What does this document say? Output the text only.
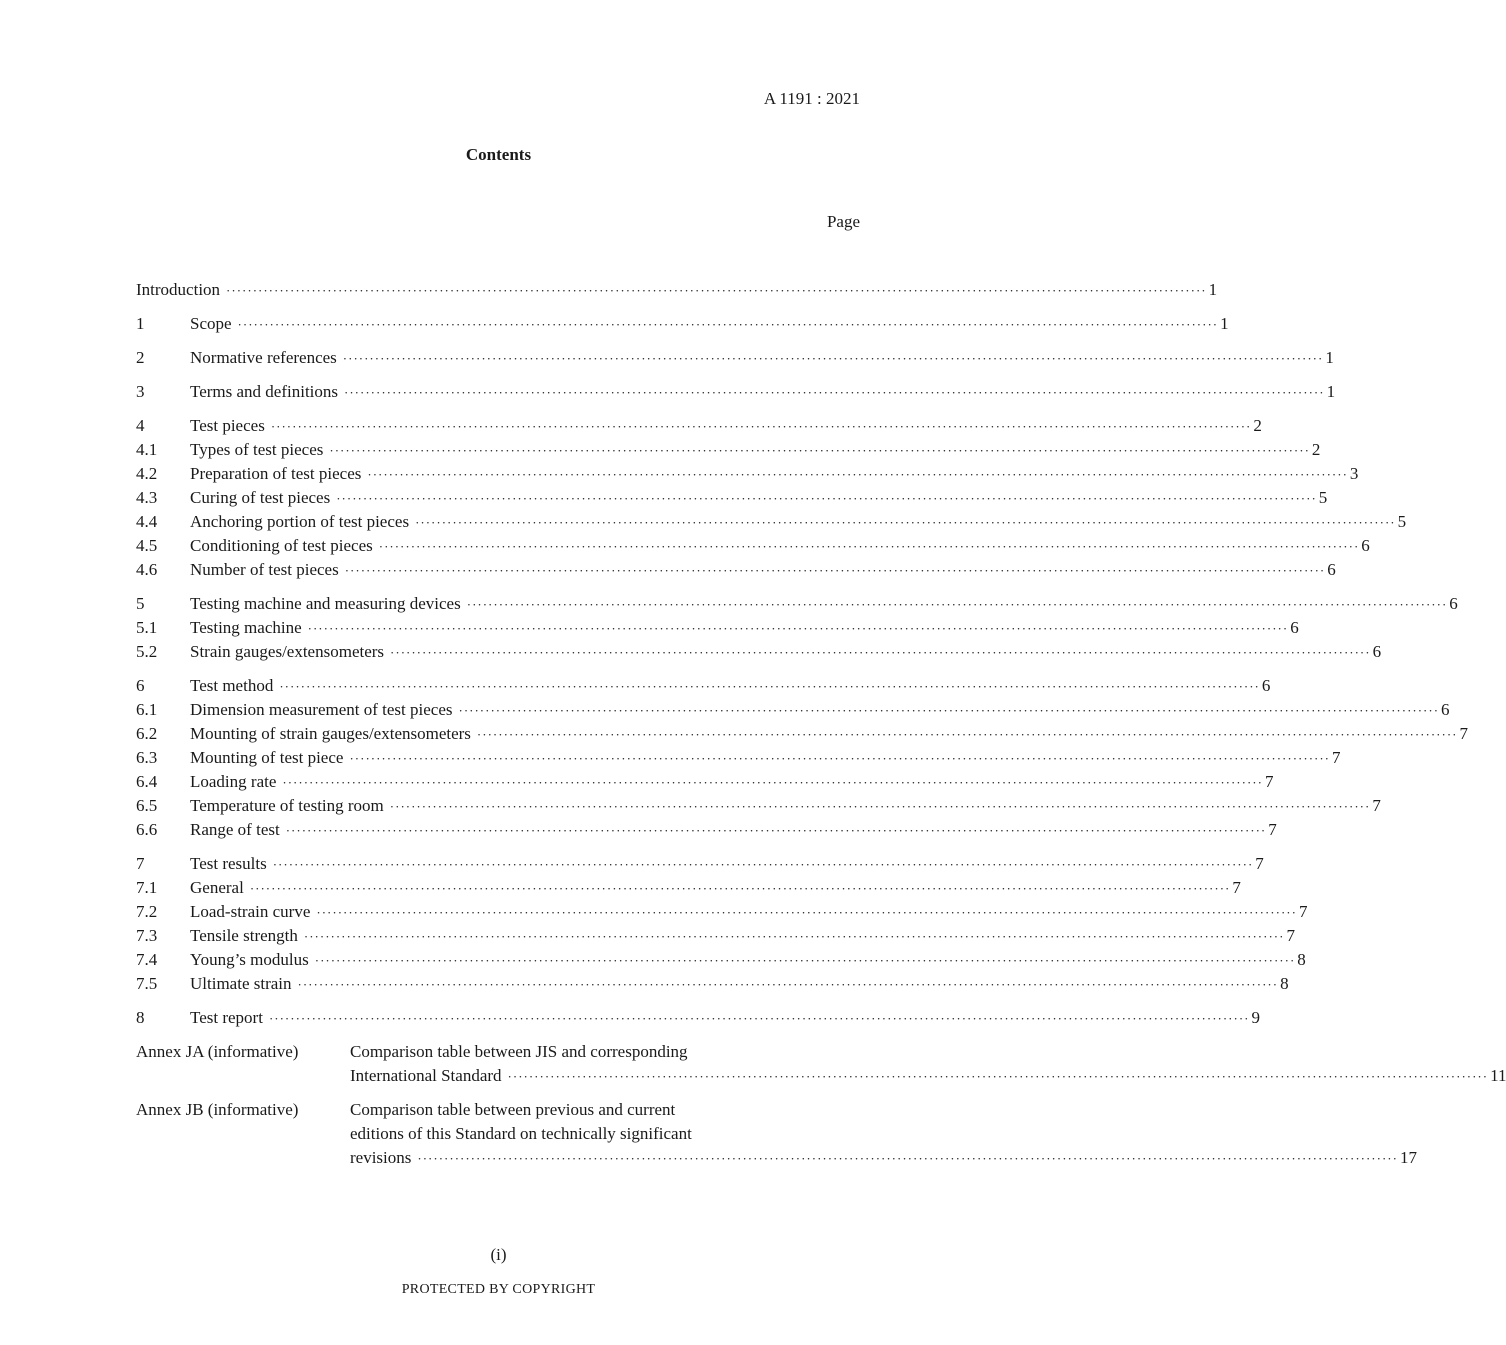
A 1191 : 2021
Contents
Page
Introduction ·····	1
1	Scope ·····	1
2	Normative references ·····	1
3	Terms and definitions ·····	1
4	Test pieces ·····	2
4.1	Types of test pieces ·····	2
4.2	Preparation of test pieces ·····	3
4.3	Curing of test pieces ·····	5
4.4	Anchoring portion of test pieces ·····	5
4.5	Conditioning of test pieces ·····	6
4.6	Number of test pieces ·····	6
5	Testing machine and measuring devices ·····	6
5.1	Testing machine ·····	6
5.2	Strain gauges/extensometers ·····	6
6	Test method ·····	6
6.1	Dimension measurement of test pieces ·····	6
6.2	Mounting of strain gauges/extensometers ·····	7
6.3	Mounting of test piece ·····	7
6.4	Loading rate ·····	7
6.5	Temperature of testing room ·····	7
6.6	Range of test ·····	7
7	Test results ·····	7
7.1	General ·····	7
7.2	Load-strain curve ·····	7
7.3	Tensile strength ·····	7
7.4	Young’s modulus ·····	8
7.5	Ultimate strain ·····	8
8	Test report ·····	9
Annex JA (informative)	Comparison table between JIS and corresponding
International Standard ·····	11
Annex JB (informative)	Comparison table between previous and current
editions of this Standard on technically significant
revisions ·····	17
(i)
PROTECTED BY COPYRIGHT
